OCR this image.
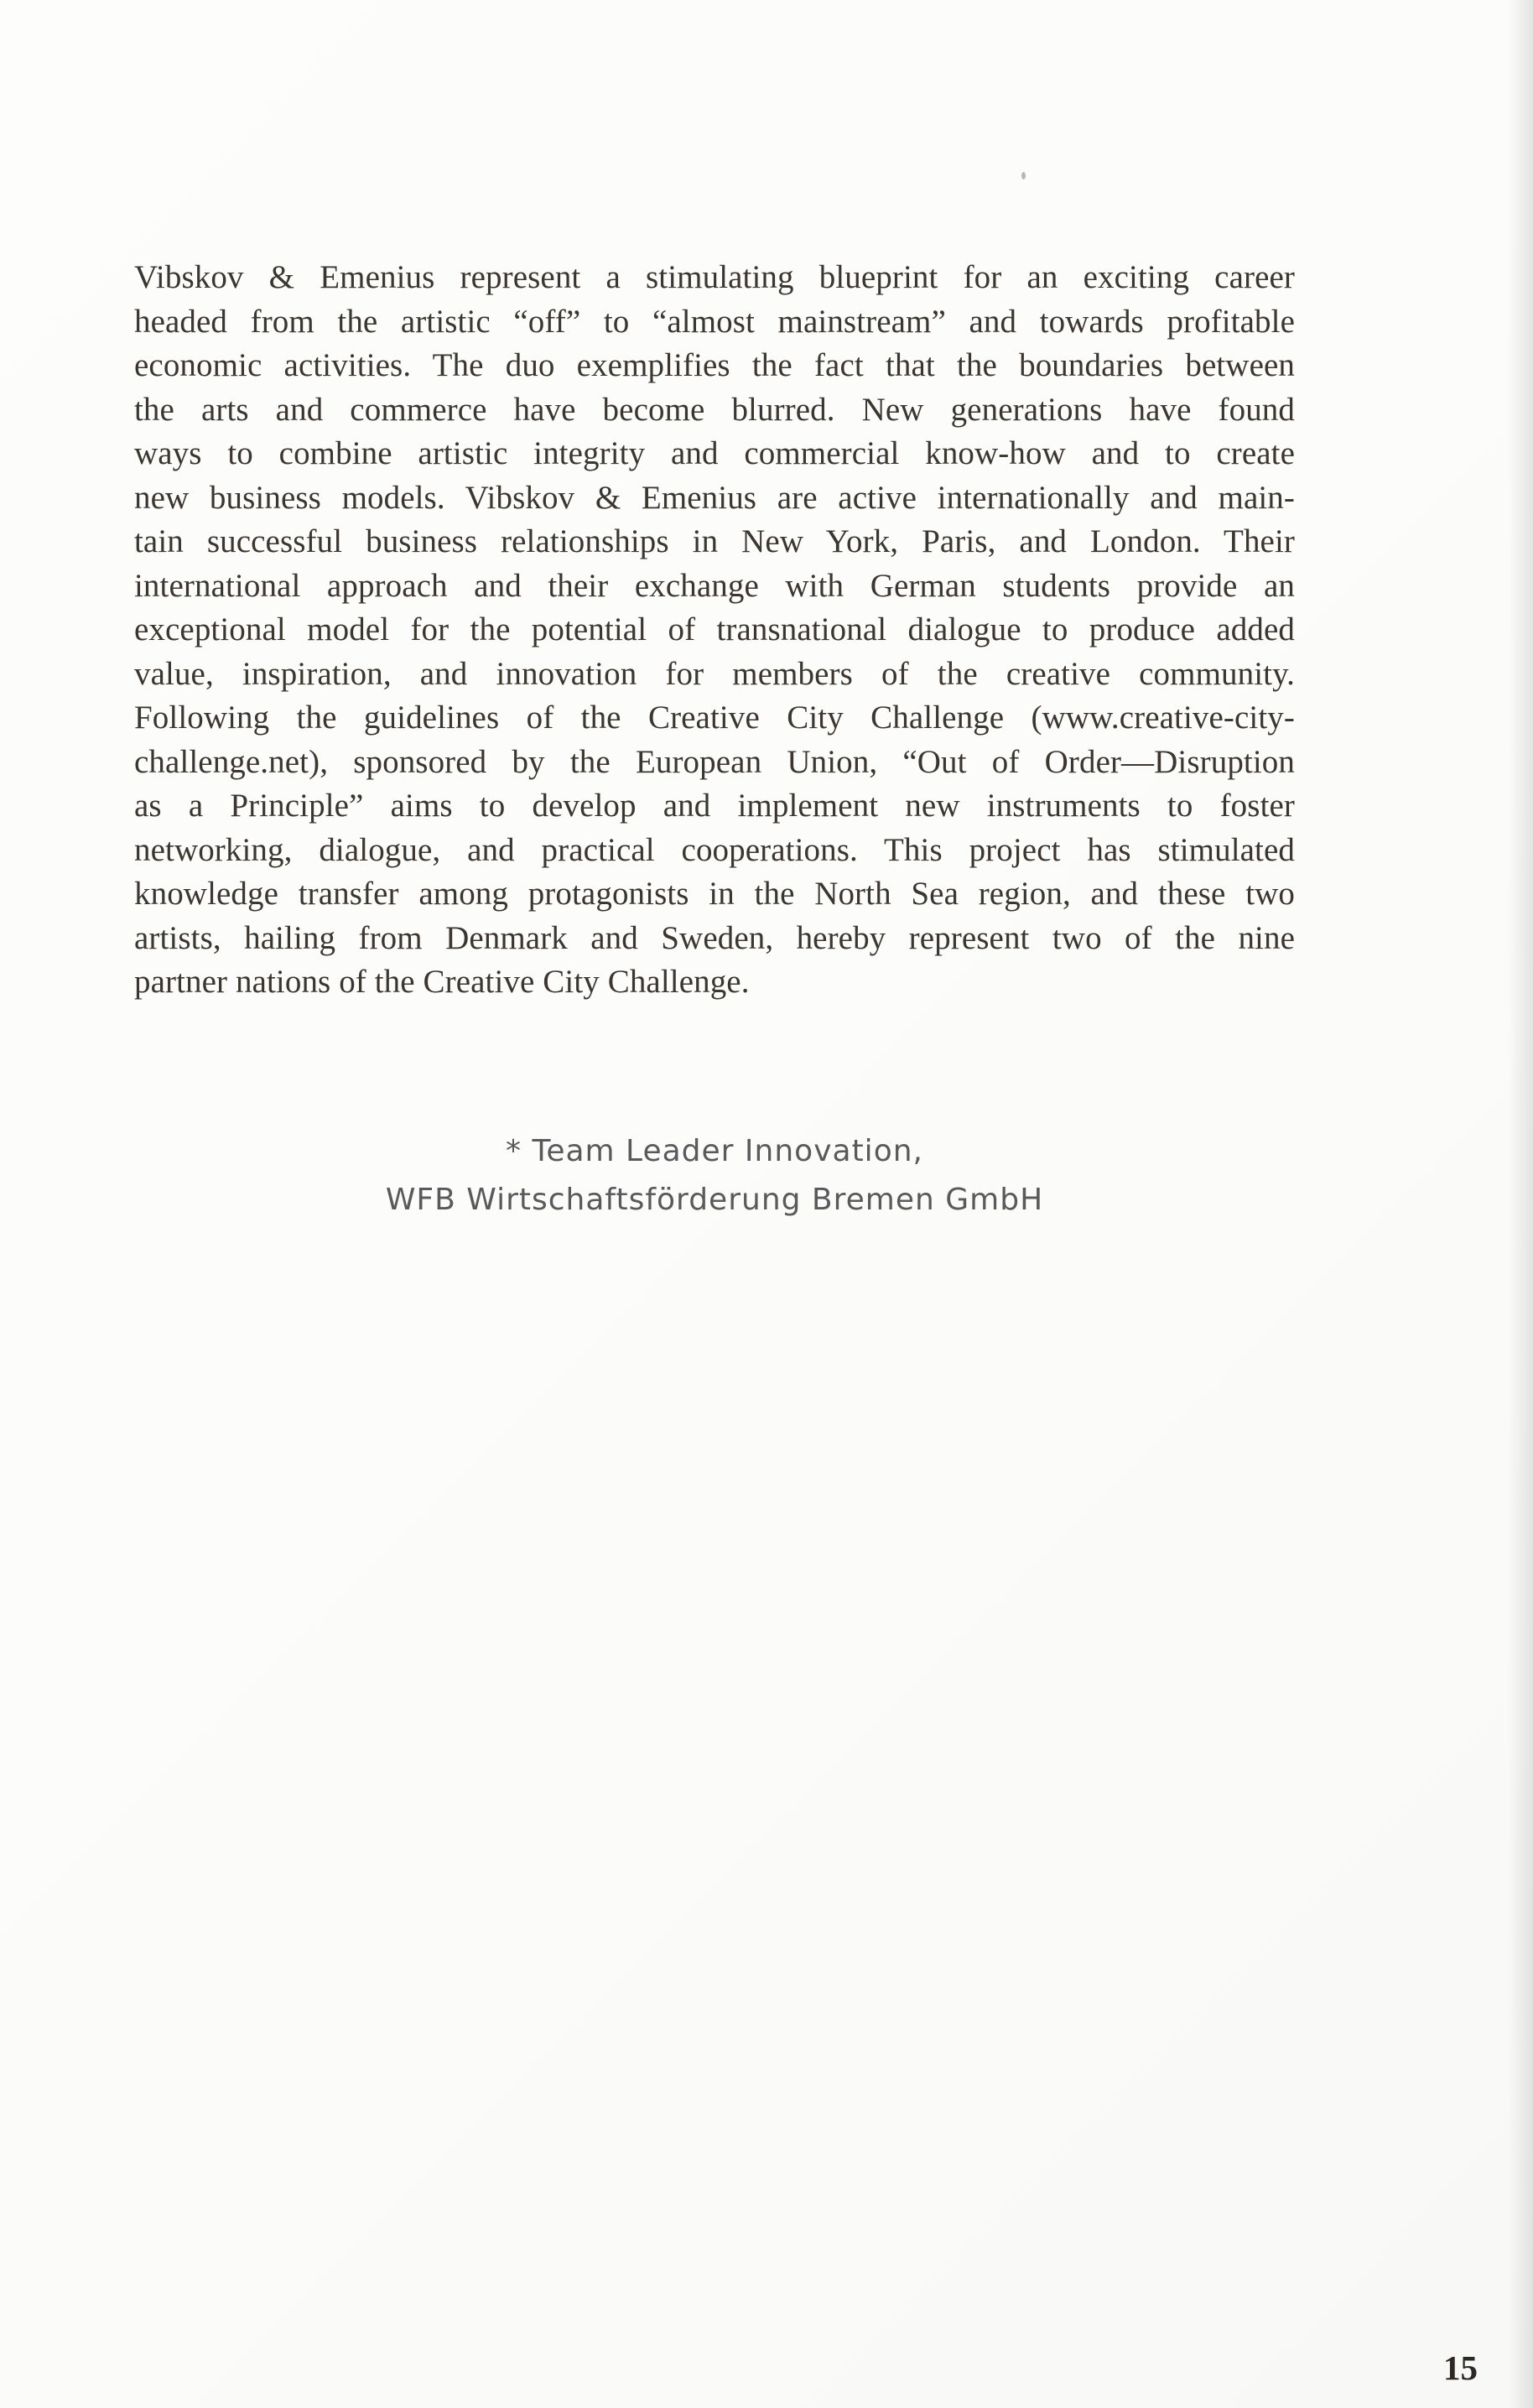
Vibskov & Emenius represent a stimulating blueprint for an exciting career
headed from the artistic “off” to “almost mainstream” and towards profitable
economic activities. The duo exemplifies the fact that the boundaries between
the arts and commerce have become blurred. New generations have found
ways to combine artistic integrity and commercial know-how and to create
new business models. Vibskov & Emenius are active internationally and main-
tain successful business relationships in New York, Paris, and London. Their
international approach and their exchange with German students provide an
exceptional model for the potential of transnational dialogue to produce added
value, inspiration, and innovation for members of the creative community.
Following the guidelines of the Creative City Challenge (www.creative-city-
challenge.net), sponsored by the European Union, “Out of Order—Disruption
as a Principle” aims to develop and implement new instruments to foster
networking, dialogue, and practical cooperations. This project has stimulated
knowledge transfer among protagonists in the North Sea region, and these two
artists, hailing from Denmark and Sweden, hereby represent two of the nine
partner nations of the Creative City Challenge.
* Team Leader Innovation,
WFB Wirtschaftsförderung Bremen GmbH
15
